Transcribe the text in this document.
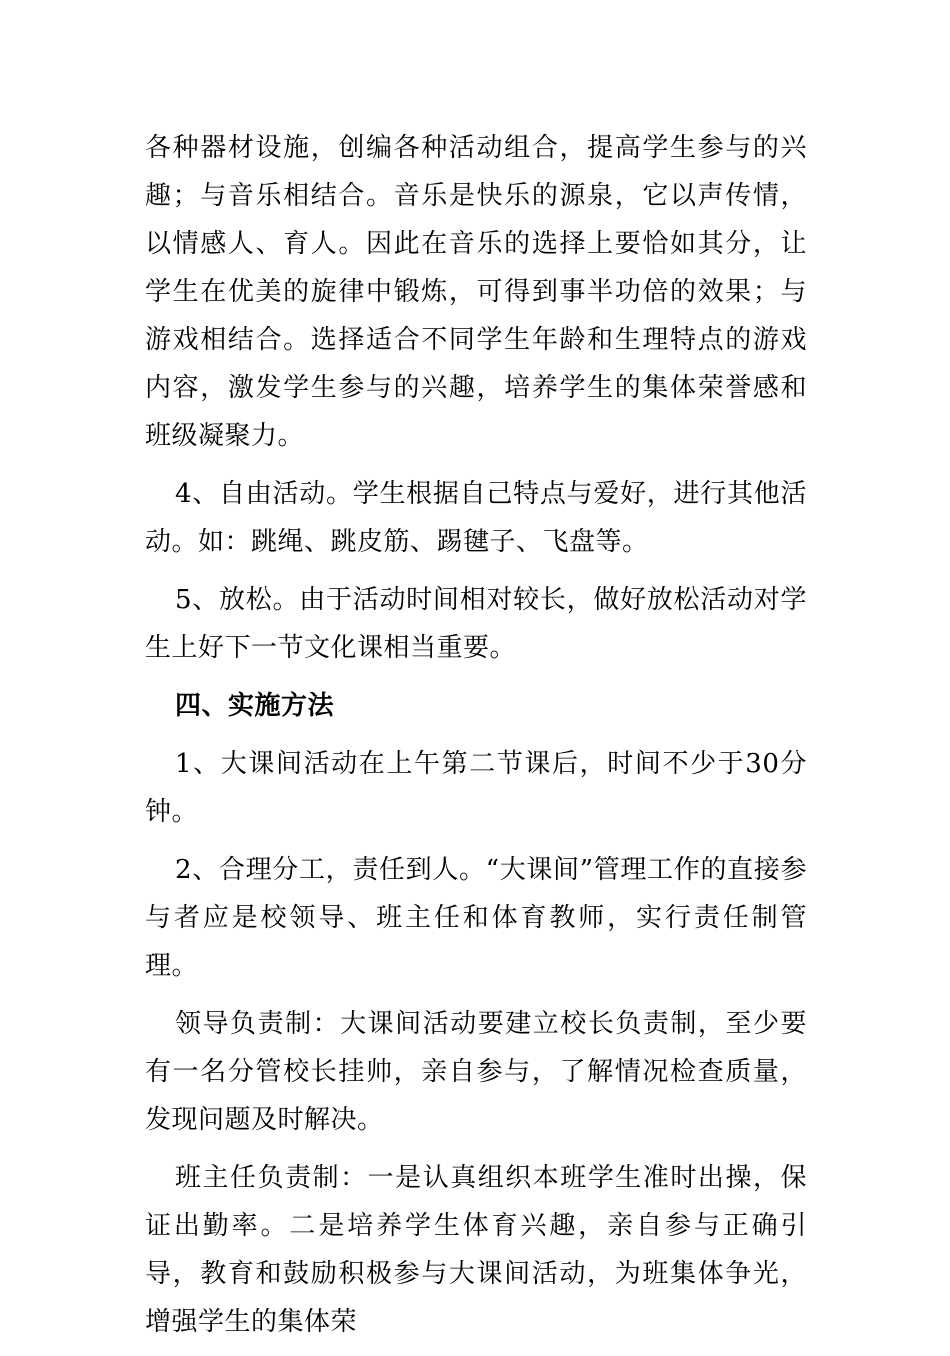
各种器材设施，创编各种活动组合，提高学生参与的兴趣；与音乐相结合。音乐是快乐的源泉，它以声传情，以情感人、育人。因此在音乐的选择上要恰如其分，让学生在优美的旋律中锻炼，可得到事半功倍的效果；与游戏相结合。选择适合不同学生年龄和生理特点的游戏内容，激发学生参与的兴趣，培养学生的集体荣誉感和班级凝聚力。

4、自由活动。学生根据自己特点与爱好，进行其他活动。如：跳绳、跳皮筋、踢毽子、飞盘等。

5、放松。由于活动时间相对较长，做好放松活动对学生上好下一节文化课相当重要。

四、实施方法

1、大课间活动在上午第二节课后，时间不少于30分钟。

2、合理分工，责任到人。“大课间”管理工作的直接参与者应是校领导、班主任和体育教师，实行责任制管理。

领导负责制：大课间活动要建立校长负责制，至少要有一名分管校长挂帅，亲自参与，了解情况检查质量，发现问题及时解决。

班主任负责制：一是认真组织本班学生准时出操，保证出勤率。二是培养学生体育兴趣，亲自参与正确引导，教育和鼓励积极参与大课间活动，为班集体争光，增强学生的集体荣
